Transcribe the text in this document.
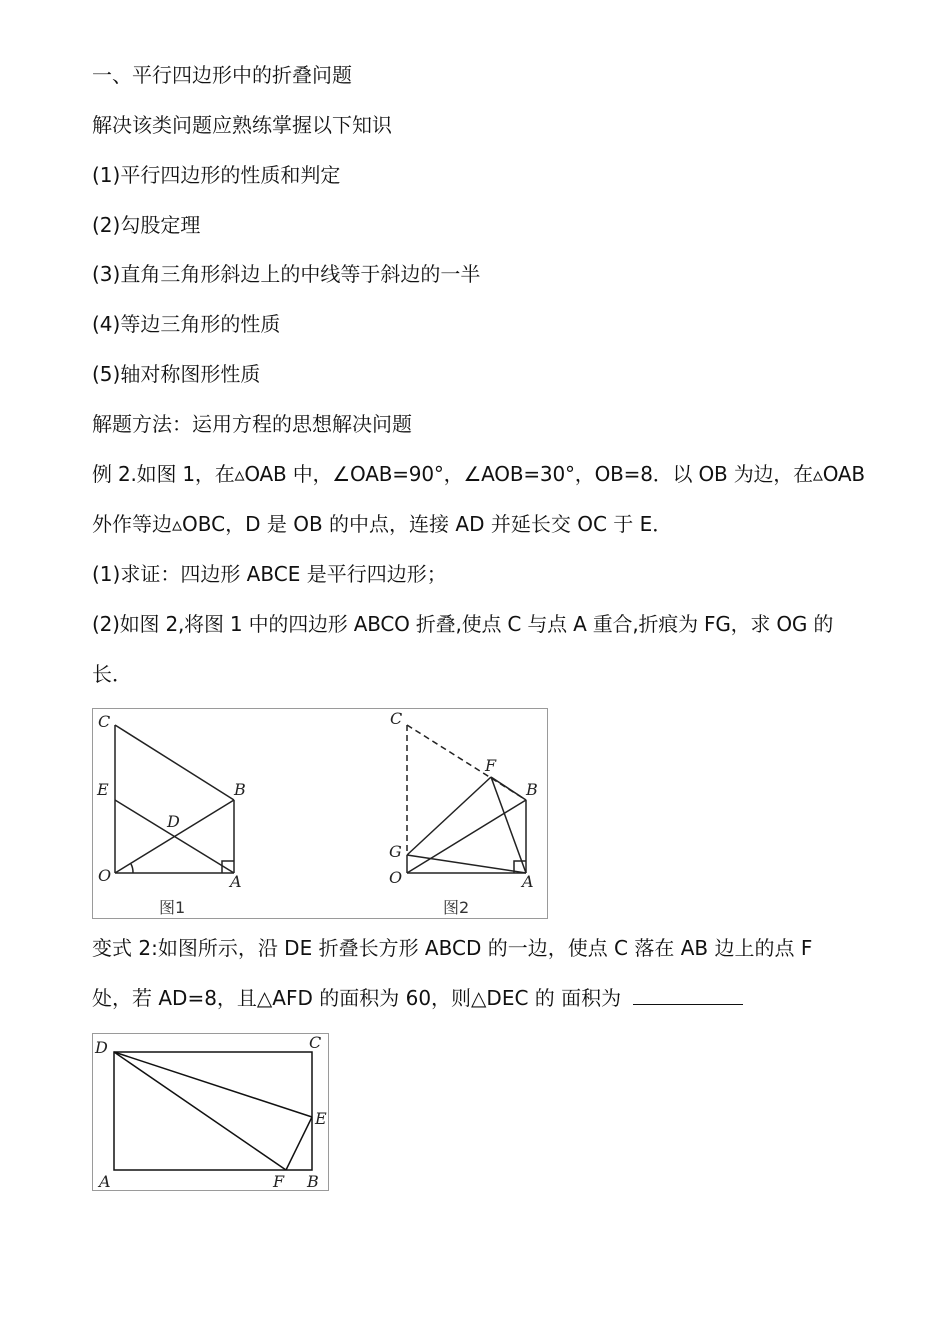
一、平行四边形中的折叠问题
解决该类问题应熟练掌握以下知识
(1)平行四边形的性质和判定
(2)勾股定理
(3)直角三角形斜边上的中线等于斜边的一半
(4)等边三角形的性质
(5)轴对称图形性质
解题方法：运用方程的思想解决问题
例 2.如图 1，在▵OAB 中，∠OAB=90°，∠AOB=30°，OB=8．以 OB 为边，在▵OAB
外作等边▵OBC，D 是 OB 的中点，连接 AD 并延长交 OC 于 E．
(1)求证：四边形 ABCE 是平行四边形；
(2)如图 2,将图 1 中的四边形 ABCO 折叠,使点 C 与点 A 重合,折痕为 FG，求 OG 的
长．
C
E	B
D
O	A
图1
C
F
B
G
O	A
图2
变式 2:如图所示，沿 DE 折叠长方形 ABCD 的一边，使点 C 落在 AB 边上的点 F
处，若 AD=8，且△AFD 的面积为 60，则△DEC 的 面积为
D	C
E
A	F B
